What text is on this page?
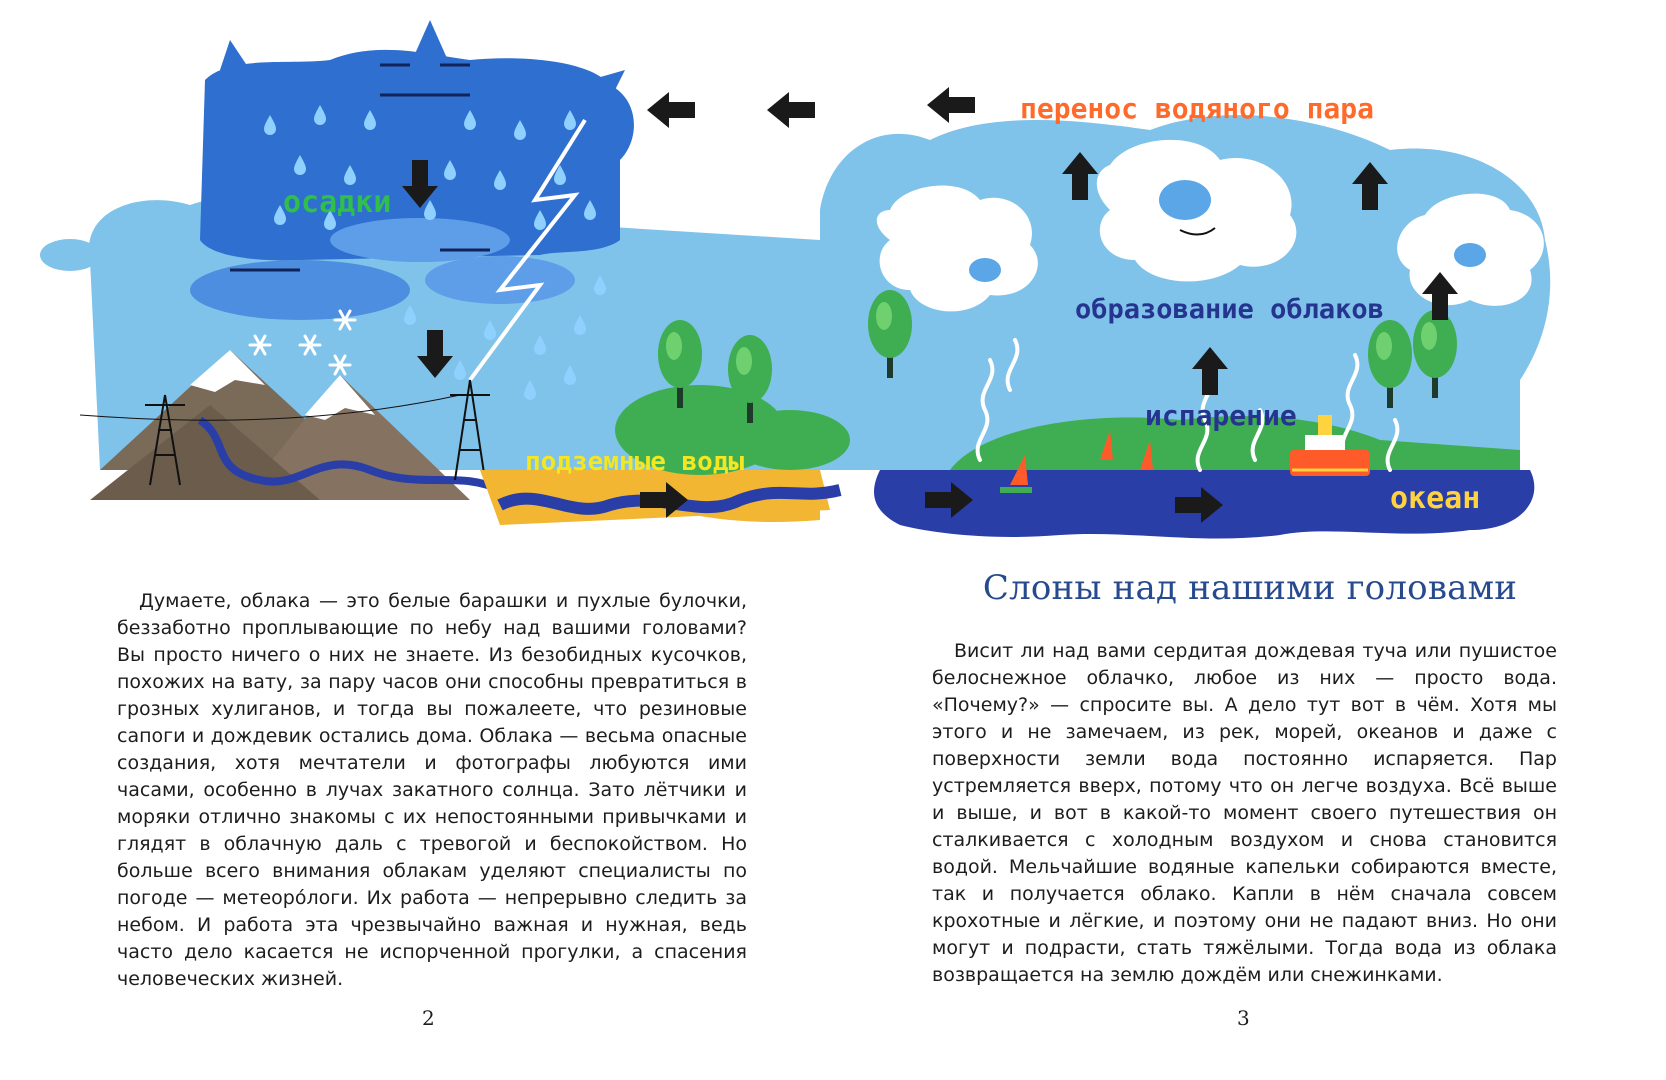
осадки
перенос водяного пара
образование облаков
испарение
подземные воды
океан

Думаете, облака — это белые барашки и пухлые булочки, беззаботно проплывающие по небу над вашими головами? Вы просто ничего о них не знаете. Из безобидных кусочков, похожих на вату, за пару часов они способны превратиться в грозных хулиганов, и тогда вы пожалеете, что резиновые сапоги и дождевик остались дома. Облака — весьма опасные создания, хотя мечтатели и фотографы любуются ими часами, особенно в лучах закатного солнца. Зато лётчики и моряки отлично знакомы с их непостоянными привычками и глядят в облачную даль с тревогой и беспокойством. Но больше всего внимания облакам уделяют специалисты по погоде — метеоро́логи. Их работа — непрерывно следить за небом. И работа эта чрезвычайно важная и нужная, ведь часто дело касается не испорченной прогулки, а спасения человеческих жизней.

Слоны над нашими головами

Висит ли над вами сердитая дождевая туча или пушистое белоснежное облачко, любое из них — просто вода. «Почему?» — спросите вы. А дело тут вот в чём. Хотя мы этого и не замечаем, из рек, морей, океанов и даже с поверхности земли вода постоянно испаряется. Пар устремляется вверх, потому что он легче воздуха. Всё выше и выше, и вот в какой-то момент своего путешествия он сталкивается с холодным воздухом и снова становится водой. Мельчайшие водяные капельки собираются вместе, так и получается облако. Капли в нём сначала совсем крохотные и лёгкие, и поэтому они не падают вниз. Но они могут и подрасти, стать тяжёлыми. Тогда вода из облака возвращается на землю дождём или снежинками.

2	3
